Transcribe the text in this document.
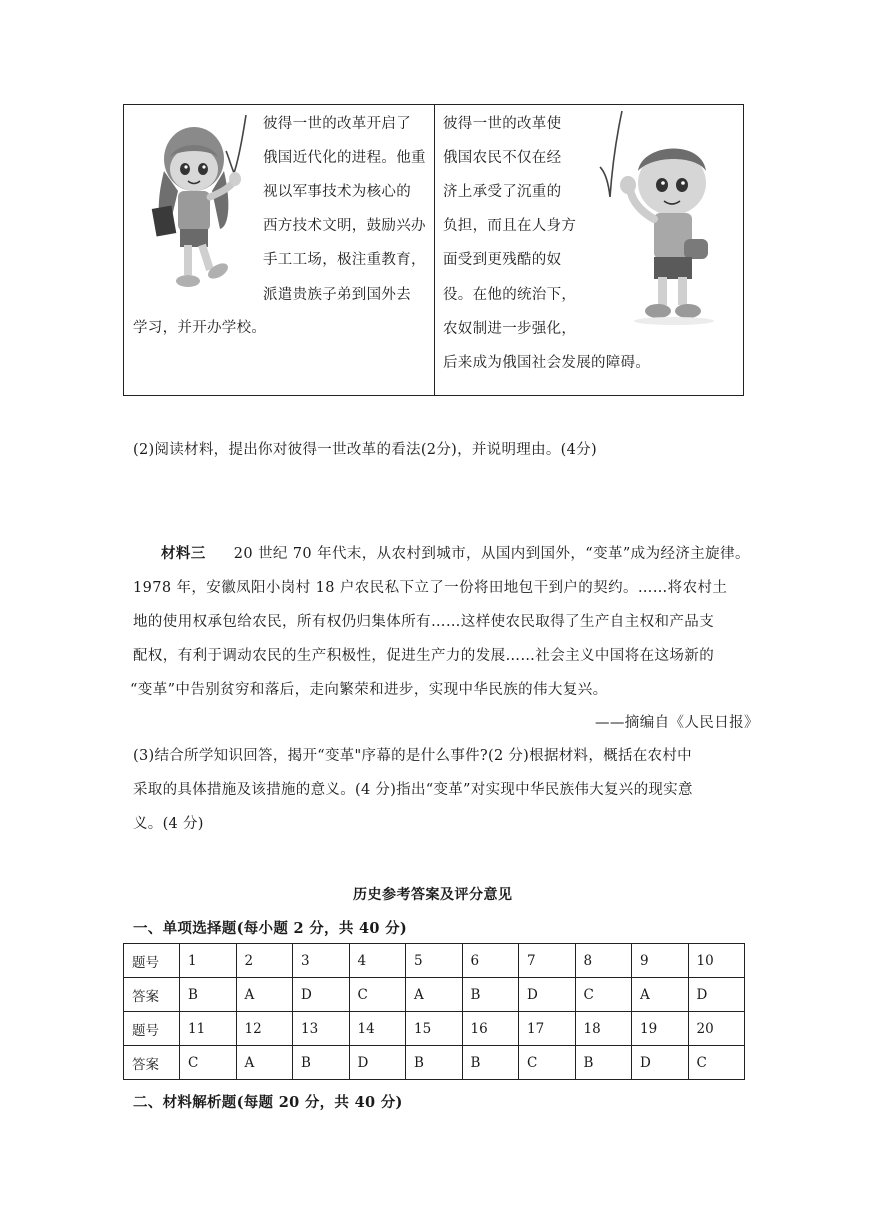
彼得一世的改革开启了
俄国近代化的进程。他重
视以军事技术为核心的
西方技术文明，鼓励兴办
手工工场，极注重教育，
派遣贵族子弟到国外去
学习，并开办学校。
彼得一世的改革使
俄国农民不仅在经
济上承受了沉重的
负担，而且在人身方
面受到更残酷的奴
役。在他的统治下，
农奴制进一步强化，
后来成为俄国社会发展的障碍。
(2)阅读材料，提出你对彼得一世改革的看法(2分)，并说明理由。(4分)
材料三 20 世纪 70 年代末，从农村到城市，从国内到国外，“变革”成为经济主旋律。
1978 年，安徽凤阳小岗村 18 户农民私下立了一份将田地包干到户的契约。……将农村土
地的使用权承包给农民，所有权仍归集体所有……这样使农民取得了生产自主权和产品支
配权，有利于调动农民的生产积极性，促进生产力的发展……社会主义中国将在这场新的
“变革”中告别贫穷和落后，走向繁荣和进步，实现中华民族的伟大复兴。
——摘编自《人民日报》
(3)结合所学知识回答，揭开“变革"序幕的是什么事件?(2 分)根据材料，概括在农村中
采取的具体措施及该措施的意义。(4 分)指出“变革”对实现中华民族伟大复兴的现实意
义。(4 分)
历史参考答案及评分意见
一、单项选择题(每小题 2 分，共 40 分)
题号	1	2	3	4	5	6	7	8	9	10
答案	B	A	D	C	A	B	D	C	A	D
题号	11	12	13	14	15	16	17	18	19	20
答案	C	A	B	D	B	B	C	B	D	C
二、材料解析题(每题 20 分，共 40 分)
